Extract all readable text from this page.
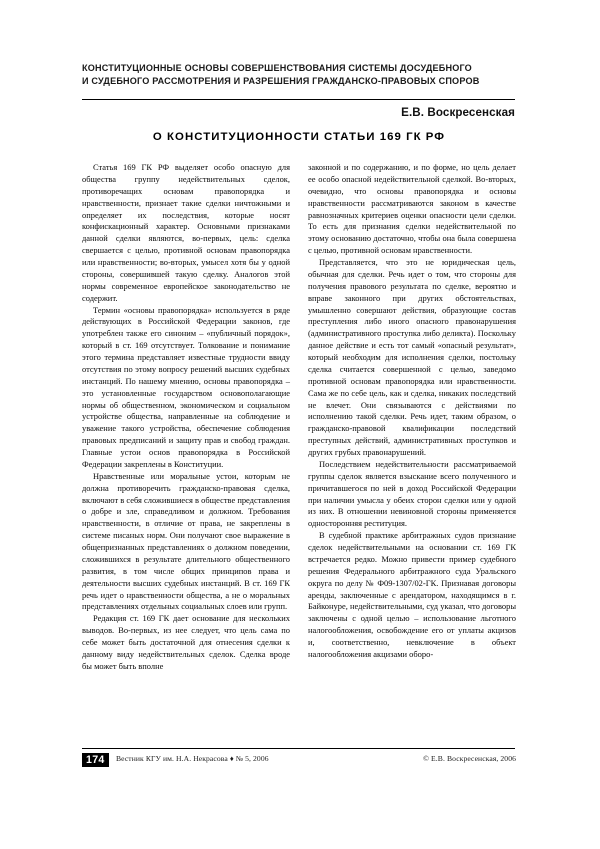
КОНСТИТУЦИОННЫЕ ОСНОВЫ СОВЕРШЕНСТВОВАНИЯ СИСТЕМЫ ДОСУДЕБНОГО
И СУДЕБНОГО РАССМОТРЕНИЯ И РАЗРЕШЕНИЯ ГРАЖДАНСКО-ПРАВОВЫХ СПОРОВ
Е.В. Воскресенская
О КОНСТИТУЦИОННОСТИ СТАТЬИ 169 ГК РФ

Статья 169 ГК РФ выделяет особо опасную для общества группу недействительных сделок, противоречащих основам правопорядка и нравственности, признает такие сделки ничтожными и определяет их последствия, которые носят конфискационный характер. Основными признаками данной сделки являются, во-первых, цель: сделка свершается с целью, противной основам правопорядка или нравственности; во-вторых, умысел хотя бы у одной стороны, совершившей такую сделку. Аналогов этой нормы современное европейское законодательство не содержит.

Термин «основы правопорядка» используется в ряде действующих в Российской Федерации законов, где употреблен также его синоним – «публичный порядок», который в ст. 169 отсутствует. Толкование и понимание этого термина представляет известные трудности ввиду отсутствия по этому вопросу решений высших судебных инстанций. По нашему мнению, основы правопорядка – это установленные государством основополагающие нормы об общественном, экономическом и социальном устройстве общества, направленные на соблюдение и уважение такого устройства, обеспечение соблюдения правовых предписаний и защиту прав и свобод граждан. Главные устои основ правопорядка в Российской Федерации закреплены в Конституции.

Нравственные или моральные устои, которым не должна противоречить гражданско-правовая сделка, включают в себя сложившиеся в обществе представления о добре и зле, справедливом и должном. Требования нравственности, в отличие от права, не закреплены в системе писаных норм. Они получают свое выражение в общепризнанных представлениях о должном поведении, сложившихся в результате длительного общественного развития, в том числе общих принципов права и деятельности высших судебных инстанций. В ст. 169 ГК речь идет о нравственности общества, а не о моральных представлениях отдельных социальных слоев или групп.

Редакция ст. 169 ГК дает основание для нескольких выводов. Во-первых, из нее следует, что цель сама по себе может быть достаточной для отнесения сделки к данному виду недействительных сделок. Сделка вроде бы может быть вполне

законной и по содержанию, и по форме, но цель делает ее особо опасной недействительной сделкой. Во-вторых, очевидно, что основы правопорядка и основы нравственности рассматриваются законом в качестве равнозначных критериев оценки опасности цели сделки. То есть для признания сделки недействительной по этому основанию достаточно, чтобы она была совершена с целью, противной основам нравственности.

Представляется, что это не юридическая цель, обычная для сделки. Речь идет о том, что стороны для получения правового результата по сделке, вероятно и вправе законного при других обстоятельствах, умышленно совершают действия, образующие состав преступления либо иного опасного правонарушения (административного проступка либо деликта). Поскольку данное действие и есть тот самый «опасный результат», который необходим для исполнения сделки, постольку сделка считается совершенной с целью, заведомо противной основам правопорядка или нравственности. Сама же по себе цель, как и сделка, никаких последствий не влечет. Они связываются с действиями по исполнению такой сделки. Речь идет, таким образом, о гражданско-правовой квалификации последствий преступных действий, административных проступков и других грубых правонарушений.

Последствием недействительности рассматриваемой группы сделок является взыскание всего полученного и причитавшегося по ней в доход Российской Федерации при наличии умысла у обеих сторон сделки или у одной из них. В отношении невиновной стороны применяется односторонняя реституция.

В судебной практике арбитражных судов признание сделок недействительными на основании ст. 169 ГК встречается редко. Можно привести пример судебного решения Федерального арбитражного суда Уральского округа по делу № Ф09-1307/02-ГК. Признавая договоры аренды, заключенные с арендатором, находящимся в г. Байконуре, недействительными, суд указал, что договоры заключены с одной целью – использование льготного налогообложения, освобождение его от уплаты акцизов и, соответственно, невключение в объект налогообложения акцизами оборо-

174	Вестник КГУ им. Н.А. Некрасова ♦ № 5, 2006	© Е.В. Воскресенская, 2006
